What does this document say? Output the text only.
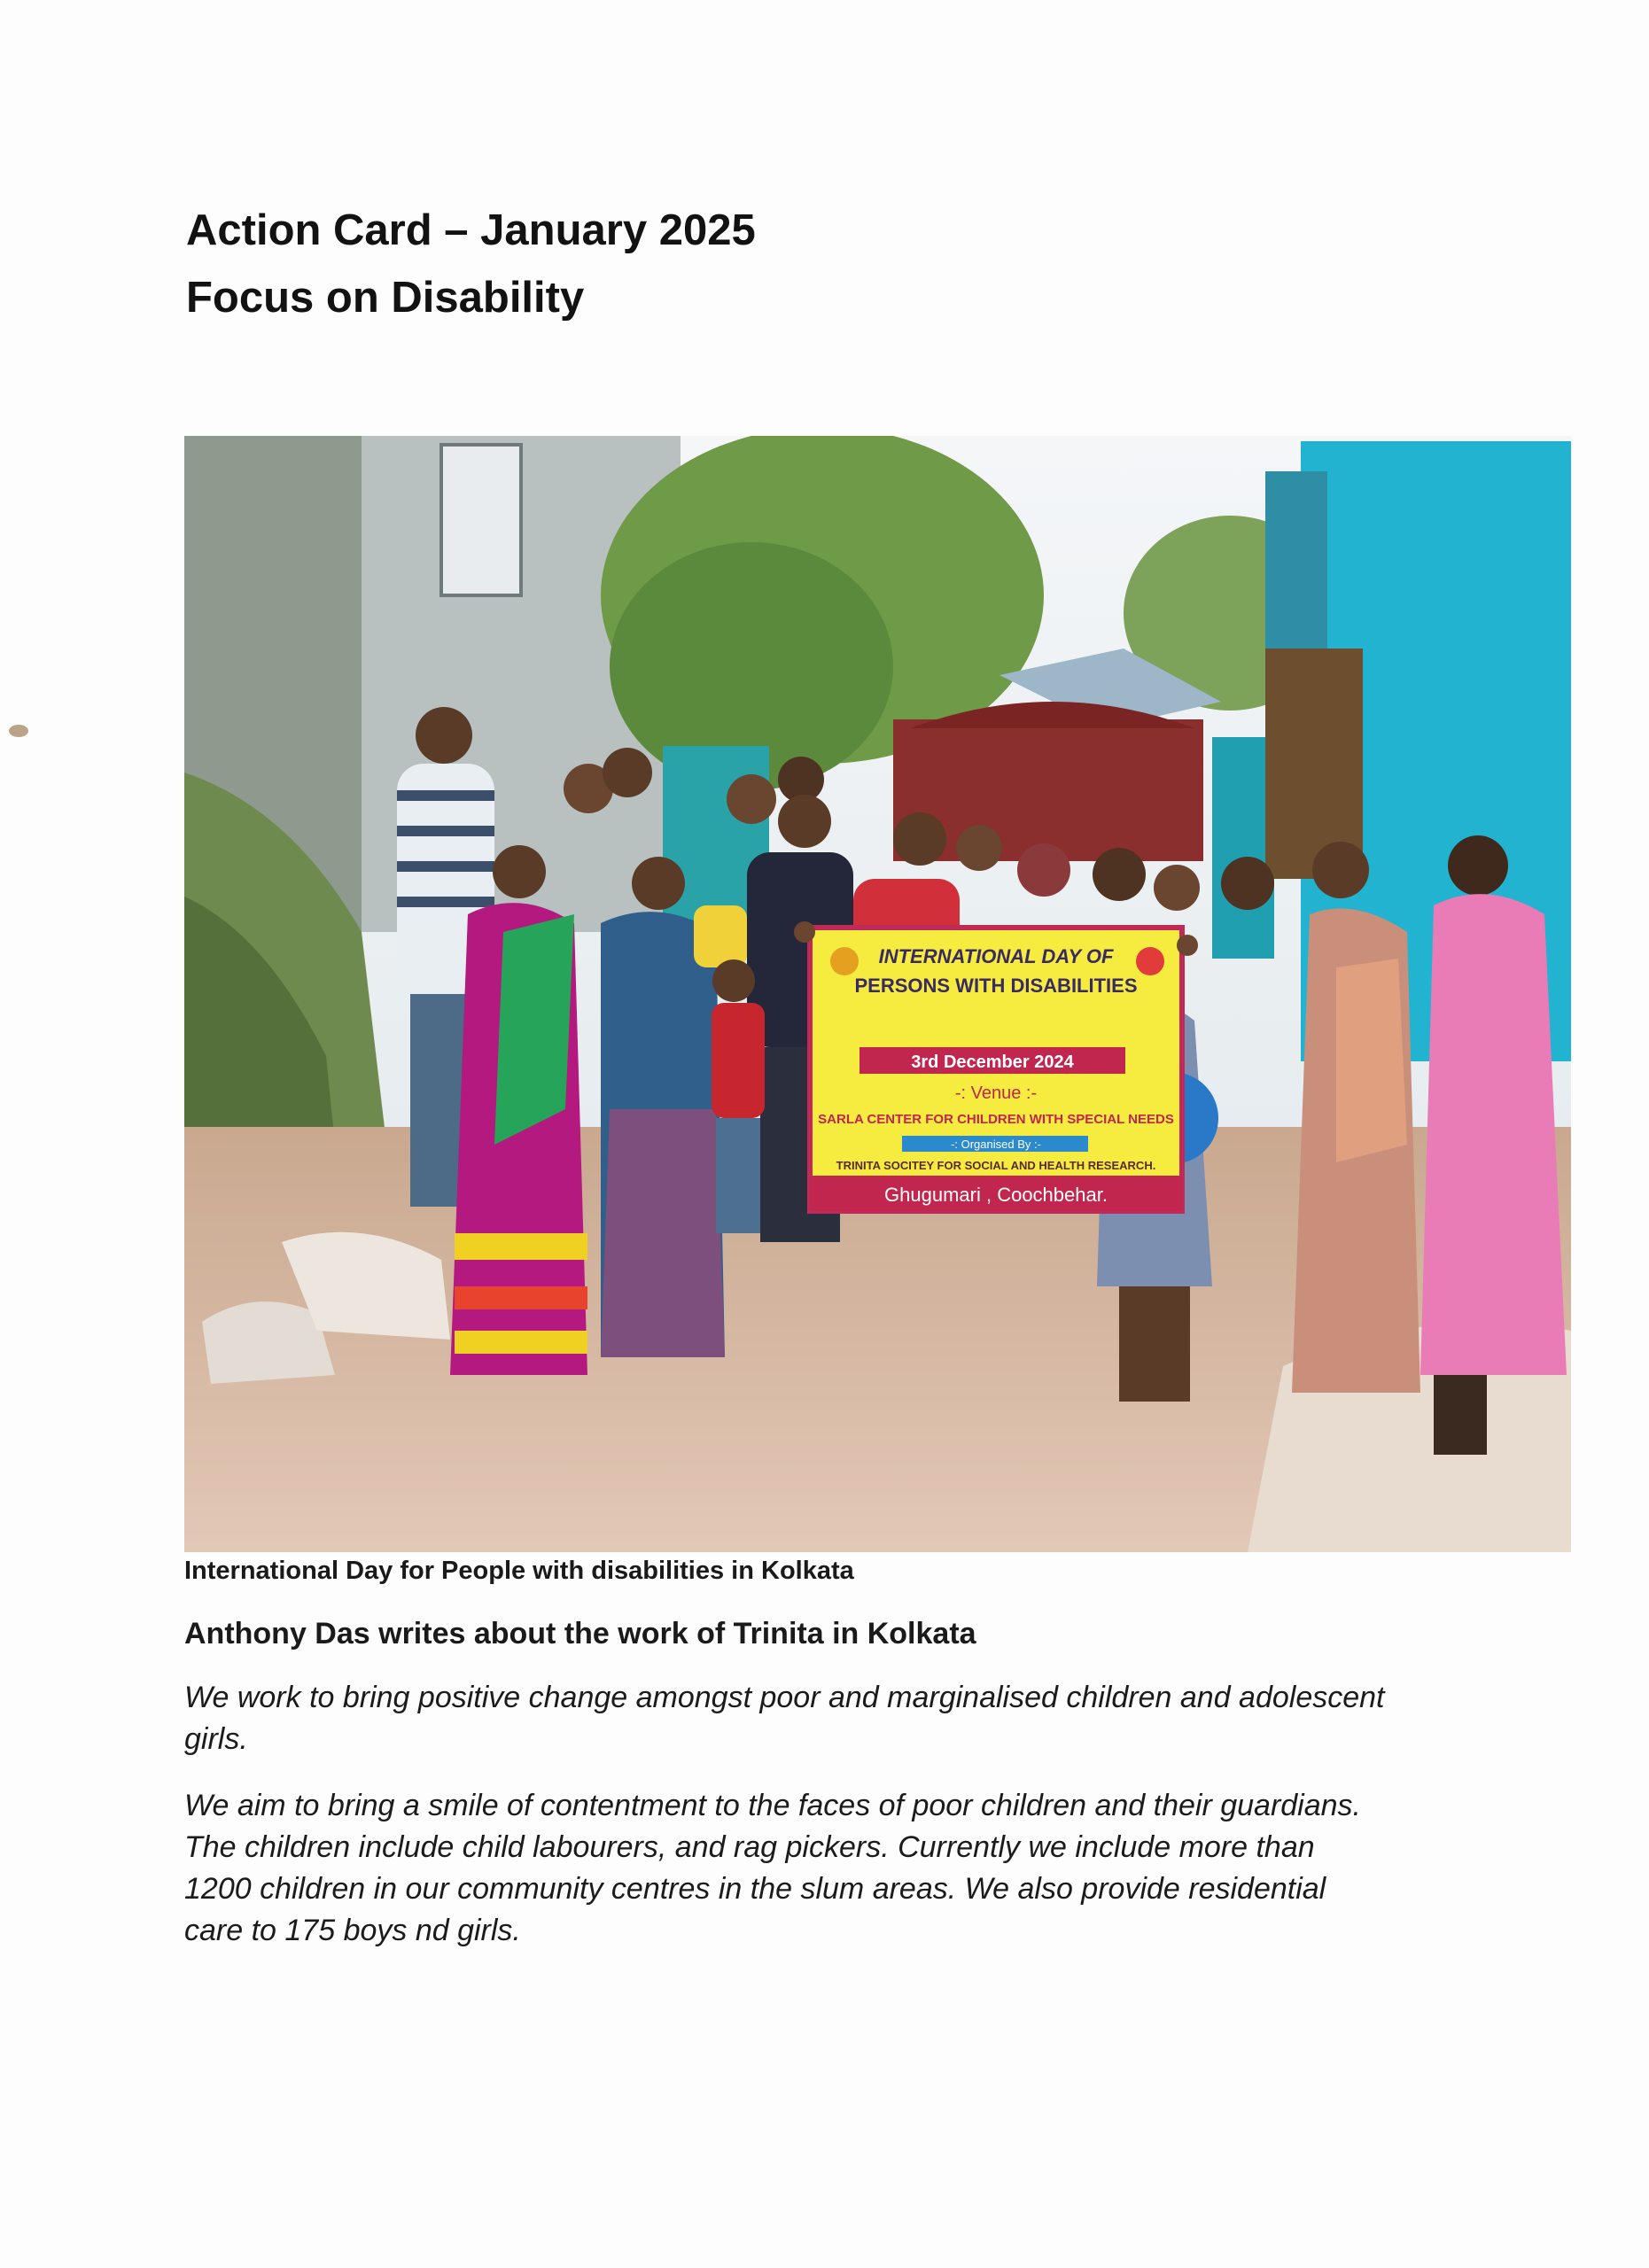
Action Card – January 2025
Focus on Disability
INTERNATIONAL DAY OF
PERSONS WITH DISABILITIES
3rd December 2024
-: Venue :-
SARLA CENTER FOR CHILDREN WITH SPECIAL NEEDS
-: Organised By :-
TRINITA SOCITEY FOR SOCIAL AND HEALTH RESEARCH.
Ghugumari , Coochbehar.
International Day for People with disabilities in Kolkata
Anthony Das writes about the work of Trinita in Kolkata

We work to bring positive change amongst poor and marginalised children and adolescent girls.

We aim to bring a smile of contentment to the faces of poor children and their guardians. The children include child labourers, and rag pickers. Currently we include more than 1200 children in our community centres in the slum areas. We also provide residential care to 175 boys nd girls.
